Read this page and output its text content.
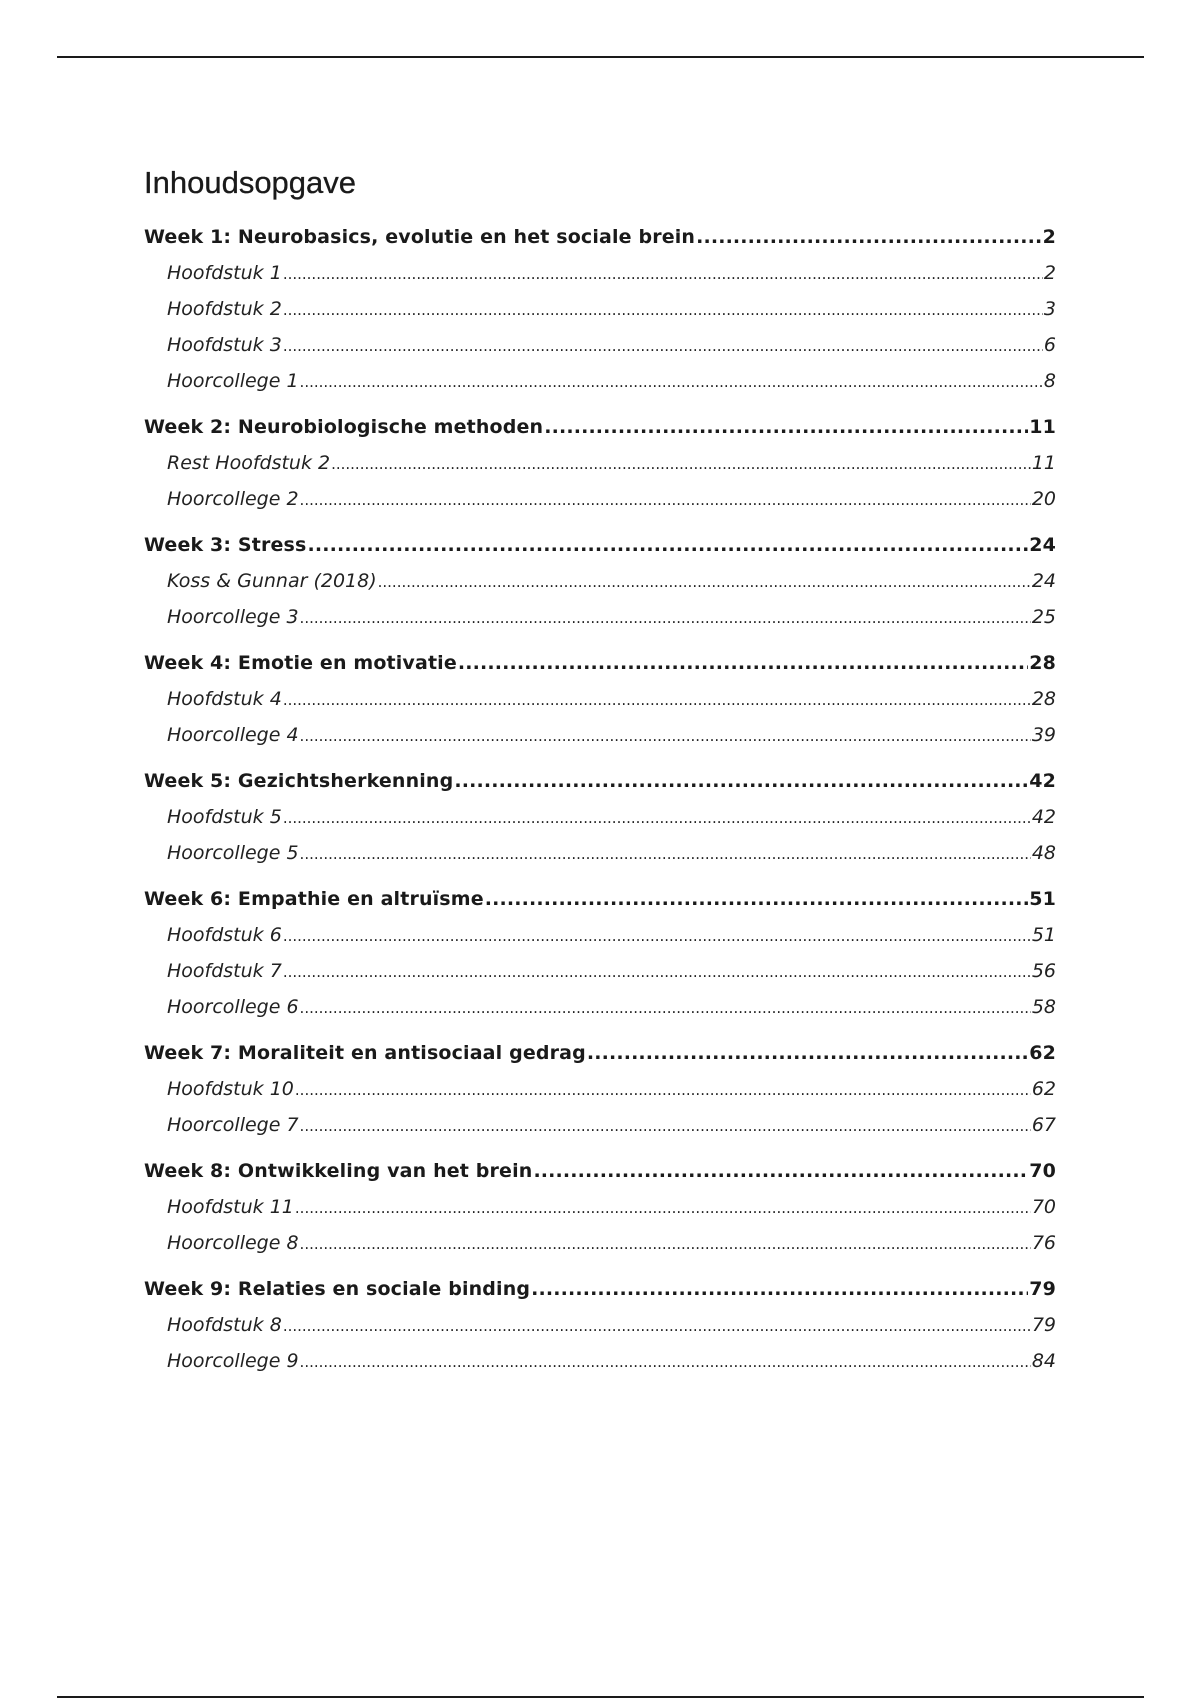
Inhoudsopgave
Week 1: Neurobasics, evolutie en het sociale brein .....	2
Hoofdstuk 1 .....	2
Hoofdstuk 2 .....	3
Hoofdstuk 3 .....	6
Hoorcollege 1 .....	8
Week 2: Neurobiologische methoden .....	11
Rest Hoofdstuk 2 .....	11
Hoorcollege 2 .....	20
Week 3: Stress .....	24
Koss & Gunnar (2018) .....	24
Hoorcollege 3 .....	25
Week 4: Emotie en motivatie .....	28
Hoofdstuk 4 .....	28
Hoorcollege 4 .....	39
Week 5: Gezichtsherkenning .....	42
Hoofdstuk 5 .....	42
Hoorcollege 5 .....	48
Week 6: Empathie en altruïsme .....	51
Hoofdstuk 6 .....	51
Hoofdstuk 7 .....	56
Hoorcollege 6 .....	58
Week 7: Moraliteit en antisociaal gedrag .....	62
Hoofdstuk 10 .....	62
Hoorcollege 7 .....	67
Week 8: Ontwikkeling van het brein .....	70
Hoofdstuk 11 .....	70
Hoorcollege 8 .....	76
Week 9: Relaties en sociale binding .....	79
Hoofdstuk 8 .....	79
Hoorcollege 9 .....	84
